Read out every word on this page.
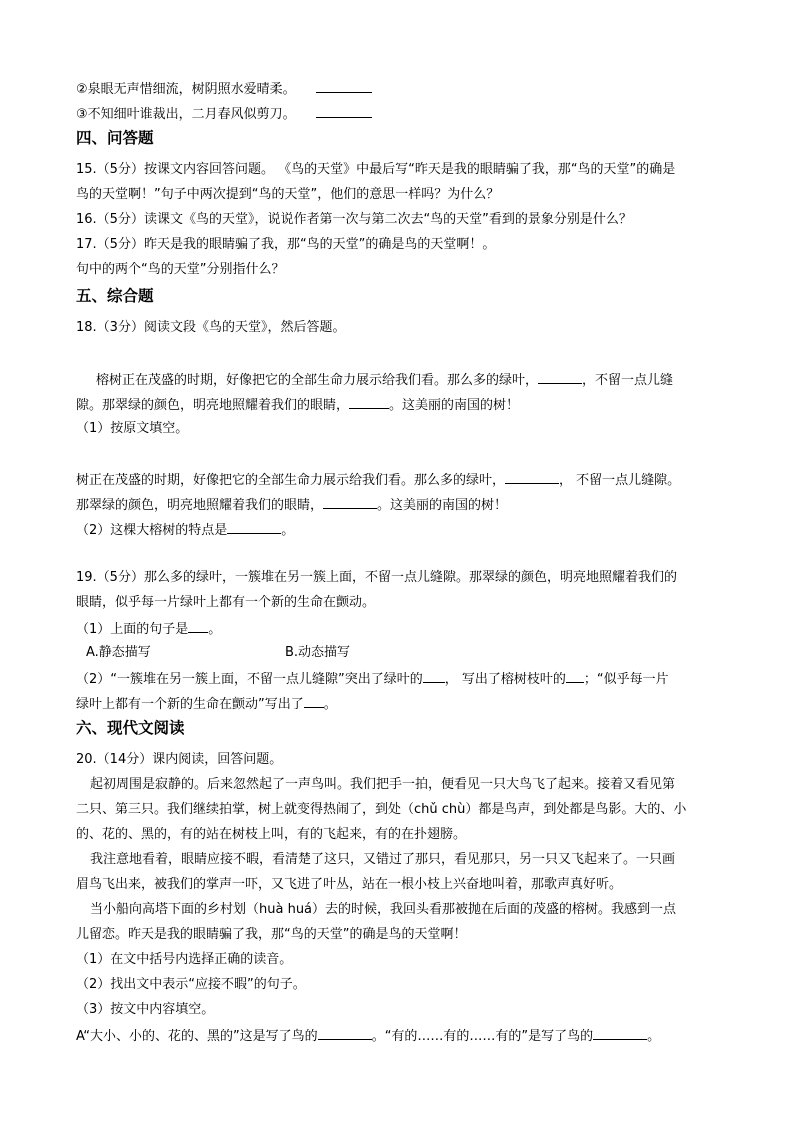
②泉眼无声惜细流，树阴照水爱晴柔。
③不知细叶谁裁出，二月春风似剪刀。
四、问答题
15.（5分）按课文内容回答问题。 《鸟的天堂》中最后写“昨天是我的眼睛骗了我，那“鸟的天堂”的确是
鸟的天堂啊！”句子中两次提到“鸟的天堂”，他们的意思一样吗？为什么？
16.（5分）读课文《鸟的天堂》，说说作者第一次与第二次去“鸟的天堂”看到的景象分别是什么？
17.（5分）昨天是我的眼睛骗了我，那“鸟的天堂”的确是鸟的天堂啊！。
句中的两个“鸟的天堂”分别指什么？
五、综合题
18.（3分）阅读文段《鸟的天堂》，然后答题。
榕树正在茂盛的时期，好像把它的全部生命力展示给我们看。那么多的绿叶，	，不留一点儿缝
隙。那翠绿的颜色，明亮地照耀着我们的眼睛，	。这美丽的南国的树！
（1）按原文填空。
树正在茂盛的时期，好像把它的全部生命力展示给我们看。那么多的绿叶，	， 不留一点儿缝隙。
那翠绿的颜色，明亮地照耀着我们的眼睛，	。这美丽的南国的树！
（2）这棵大榕树的特点是	。
19.（5分）那么多的绿叶，一簇堆在另一簇上面，不留一点儿缝隙。那翠绿的颜色，明亮地照耀着我们的
眼睛，似乎每一片绿叶上都有一个新的生命在颤动。
（1）上面的句子是 。
A.静态描写	B.动态描写
（2）“一簇堆在另一簇上面，不留一点儿缝隙”突出了绿叶的 ， 写出了榕树枝叶的 ；“似乎每一片
绿叶上都有一个新的生命在颤动”写出了 。
六、现代文阅读
20.（14分）课内阅读，回答问题。
起初周围是寂静的。后来忽然起了一声鸟叫。我们把手一拍，便看见一只大鸟飞了起来。接着又看见第
二只、第三只。我们继续拍掌，树上就变得热闹了，到处（chǔ chù）都是鸟声，到处都是鸟影。大的、小
的、花的、黑的，有的站在树枝上叫，有的飞起来，有的在扑翅膀。
我注意地看着，眼睛应接不暇，看清楚了这只，又错过了那只，看见那只，另一只又飞起来了。一只画
眉鸟飞出来，被我们的掌声一吓，又飞进了叶丛，站在一根小枝上兴奋地叫着，那歌声真好听。
当小船向高塔下面的乡村划（huà huá）去的时候，我回头看那被抛在后面的茂盛的榕树。我感到一点
儿留恋。昨天是我的眼睛骗了我，那“鸟的天堂”的确是鸟的天堂啊！
（1）在文中括号内选择正确的读音。
（2）找出文中表示“应接不暇”的句子。
（3）按文中内容填空。
A“大小、小的、花的、黑的”这是写了鸟的	。“有的……有的……有的”是写了鸟的	。
